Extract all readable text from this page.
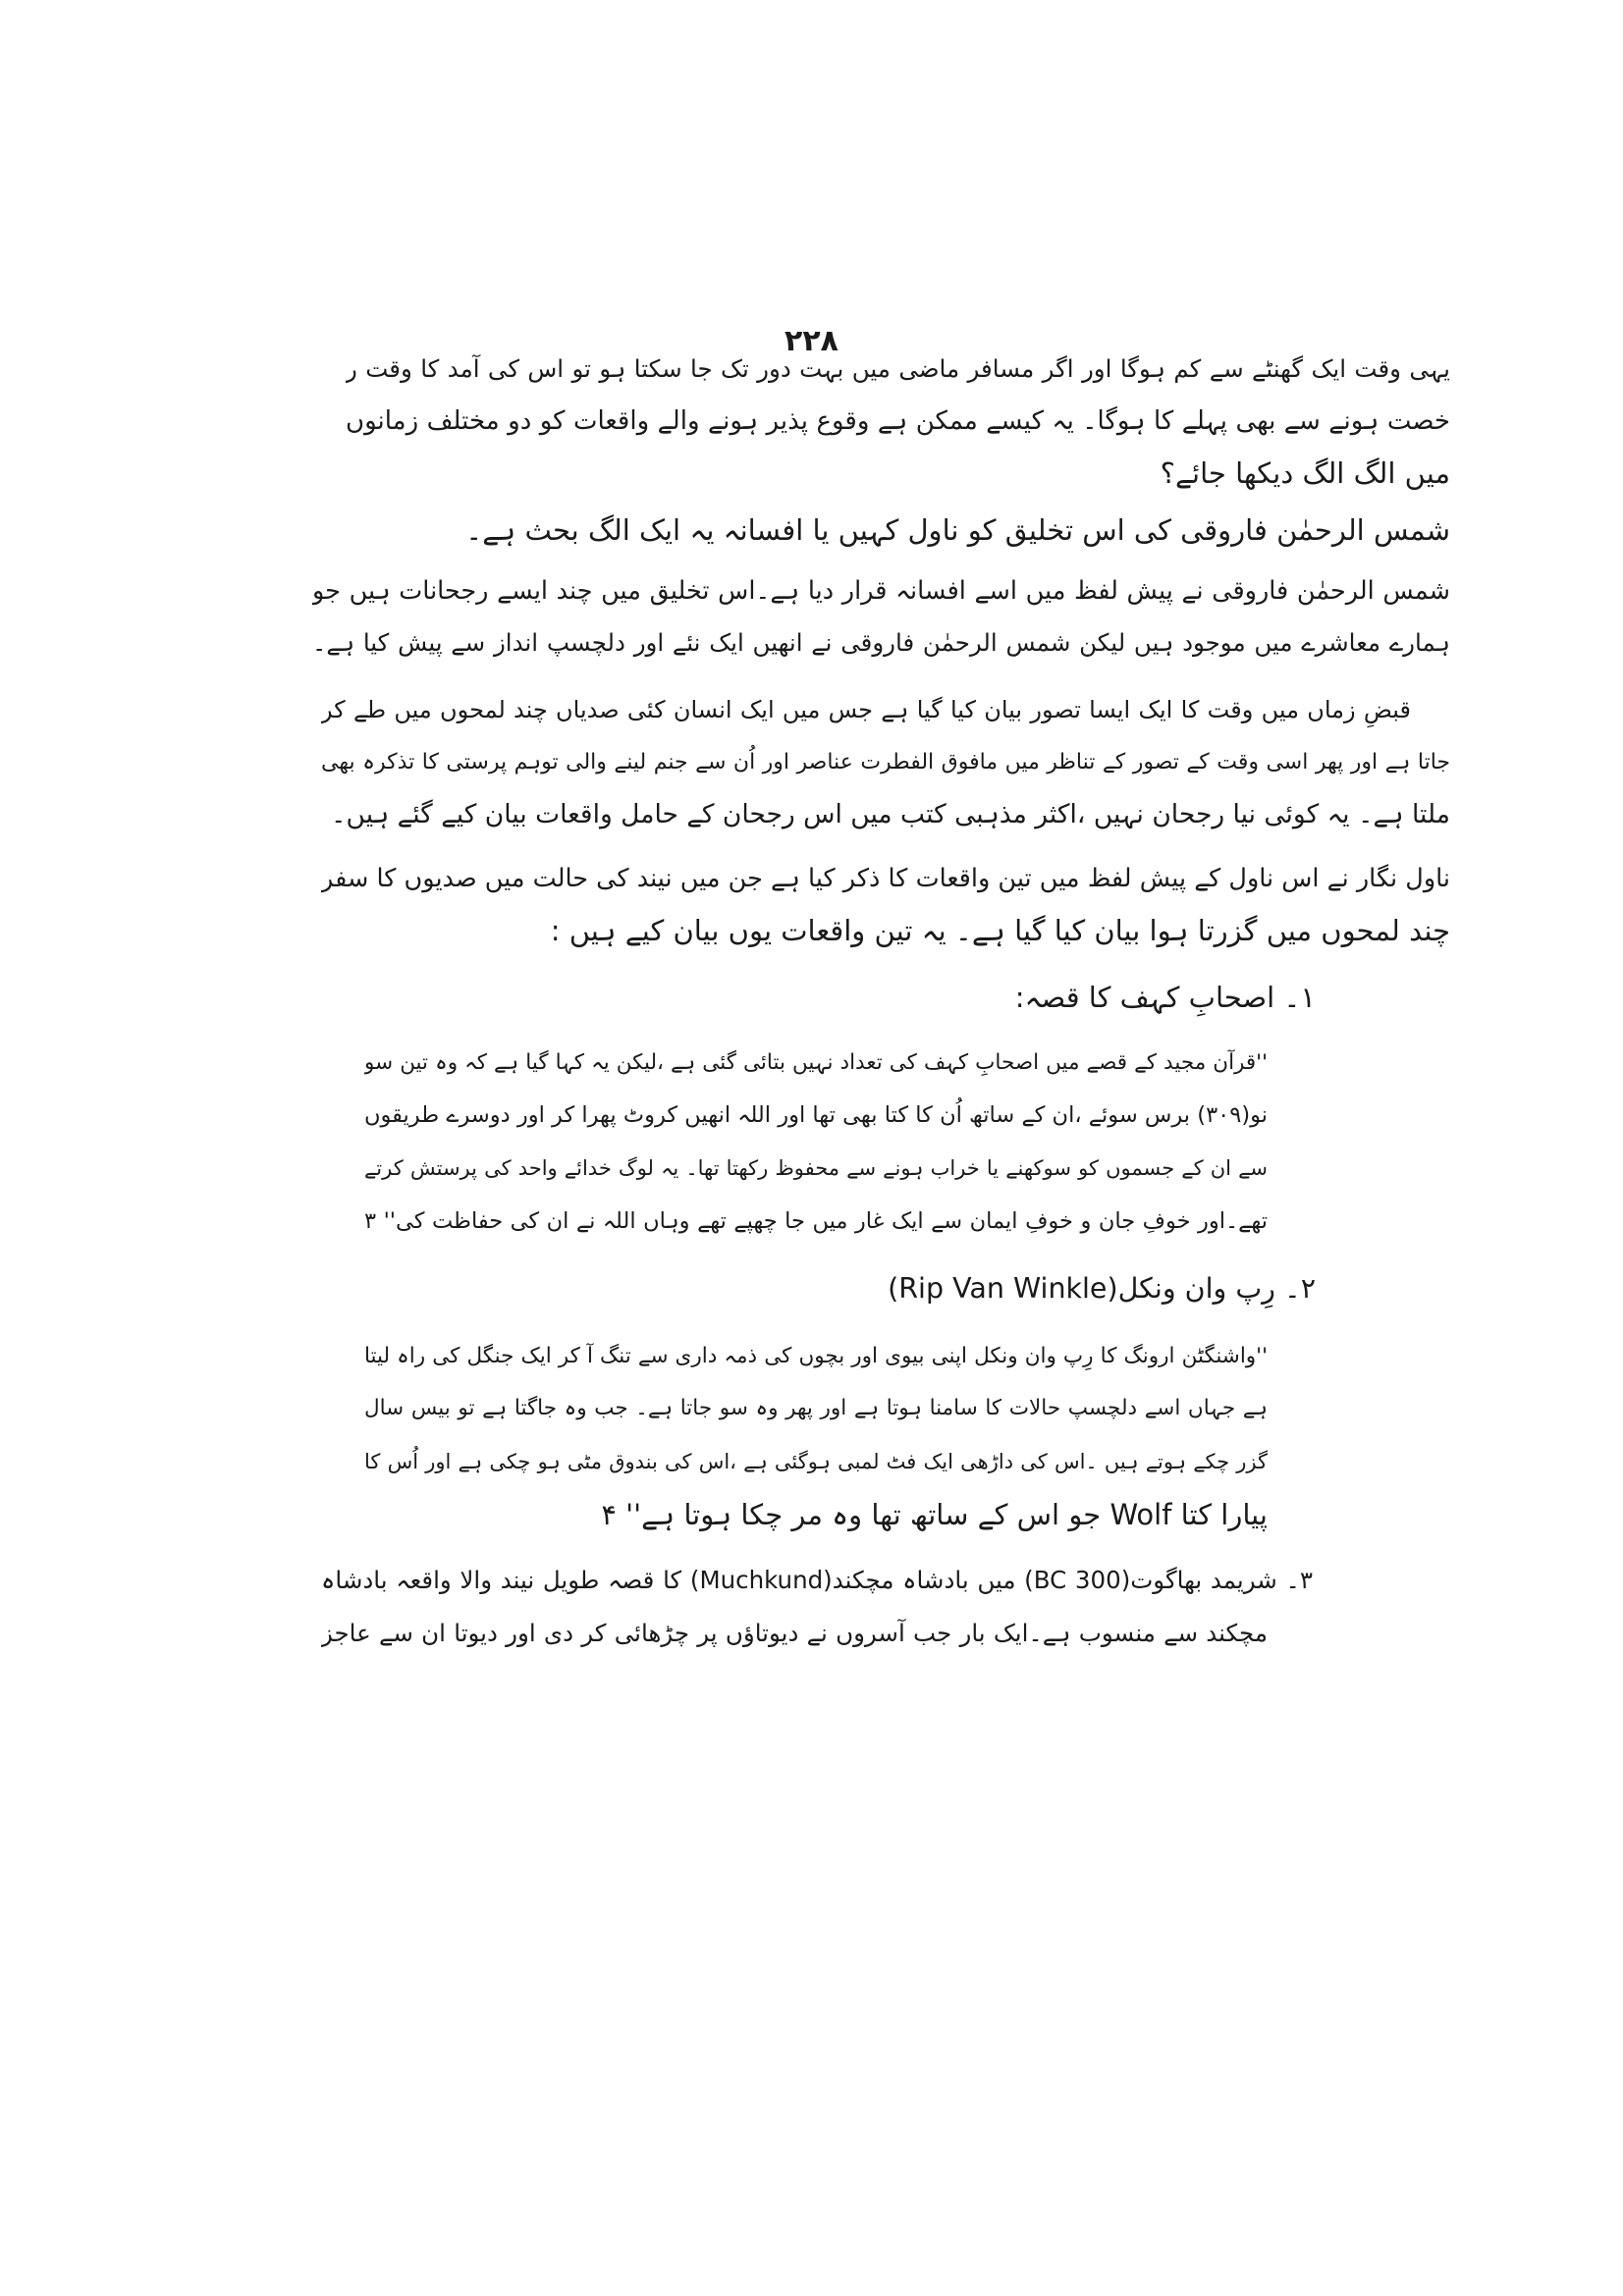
۲۲۸
یہی وقت ایک گھنٹے سے کم ہوگا اور اگر مسافر ماضی میں بہت دور تک جا سکتا ہو تو اس کی آمد کا وقت ر
خصت ہونے سے بھی پہلے کا ہوگا۔ یہ کیسے ممکن ہے وقوع پذیر ہونے والے واقعات کو دو مختلف زمانوں
میں الگ الگ دیکھا جائے؟
شمس الرحمٰن فاروقی کی اس تخلیق کو ناول کہیں یا افسانہ یہ ایک الگ بحث ہے۔
شمس الرحمٰن فاروقی نے پیش لفظ میں اسے افسانہ قرار دیا ہے۔اس تخلیق میں چند ایسے رجحانات ہیں جو
ہمارے معاشرے میں موجود ہیں لیکن شمس الرحمٰن فاروقی نے انھیں ایک نئے اور دلچسپ انداز سے پیش کیا ہے۔
قبضِ زماں میں وقت کا ایک ایسا تصور بیان کیا گیا ہے جس میں ایک انسان کئی صدیاں چند لمحوں میں طے کر
جاتا ہے اور پھر اسی وقت کے تصور کے تناظر میں مافوق الفطرت عناصر اور اُن سے جنم لینے والی توہم پرستی کا تذکرہ بھی
ملتا ہے۔ یہ کوئی نیا رجحان نہیں ،اکثر مذہبی کتب میں اس رجحان کے حامل واقعات بیان کیے گئے ہیں۔
ناول نگار نے اس ناول کے پیش لفظ میں تین واقعات کا ذکر کیا ہے جن میں نیند کی حالت میں صدیوں کا سفر
چند لمحوں میں گزرتا ہوا بیان کیا گیا ہے۔ یہ تین واقعات یوں بیان کیے ہیں :
۱۔ اصحابِ کہف کا قصہ:
''قرآن مجید کے قصے میں اصحابِ کہف کی تعداد نہیں بتائی گئی ہے ،لیکن یہ کہا گیا ہے کہ وہ تین سو
نو(۳۰۹) برس سوئے ،ان کے ساتھ اُن کا کتا بھی تھا اور اللہ انھیں کروٹ پھرا کر اور دوسرے طریقوں
سے ان کے جسموں کو سوکھنے یا خراب ہونے سے محفوظ رکھتا تھا۔ یہ لوگ خدائے واحد کی پرستش کرتے
تھے۔اور خوفِ جان و خوفِ ایمان سے ایک غار میں جا چھپے تھے وہاں اللہ نے ان کی حفاظت کی'' ۳
۲۔ رِپ وان ونکل(Rip Van Winkle)
''واشنگٹن ارونگ کا رِپ وان ونکل اپنی بیوی اور بچوں کی ذمہ داری سے تنگ آ کر ایک جنگل کی راہ لیتا
ہے جہاں اسے دلچسپ حالات کا سامنا ہوتا ہے اور پھر وہ سو جاتا ہے۔ جب وہ جاگتا ہے تو بیس سال
گزر چکے ہوتے ہیں ۔اس کی داڑھی ایک فٹ لمبی ہوگئی ہے ،اس کی بندوق مٹی ہو چکی ہے اور اُس کا
پیارا کتا Wolf جو اس کے ساتھ تھا وہ مر چکا ہوتا ہے'' ۴
۳۔ شریمد بھاگوت(300 BC) میں بادشاہ مچکند(Muchkund) کا قصہ طویل نیند والا واقعہ بادشاہ
مچکند سے منسوب ہے۔ایک بار جب آسروں نے دیوتاؤں پر چڑھائی کر دی اور دیوتا ان سے عاجز
